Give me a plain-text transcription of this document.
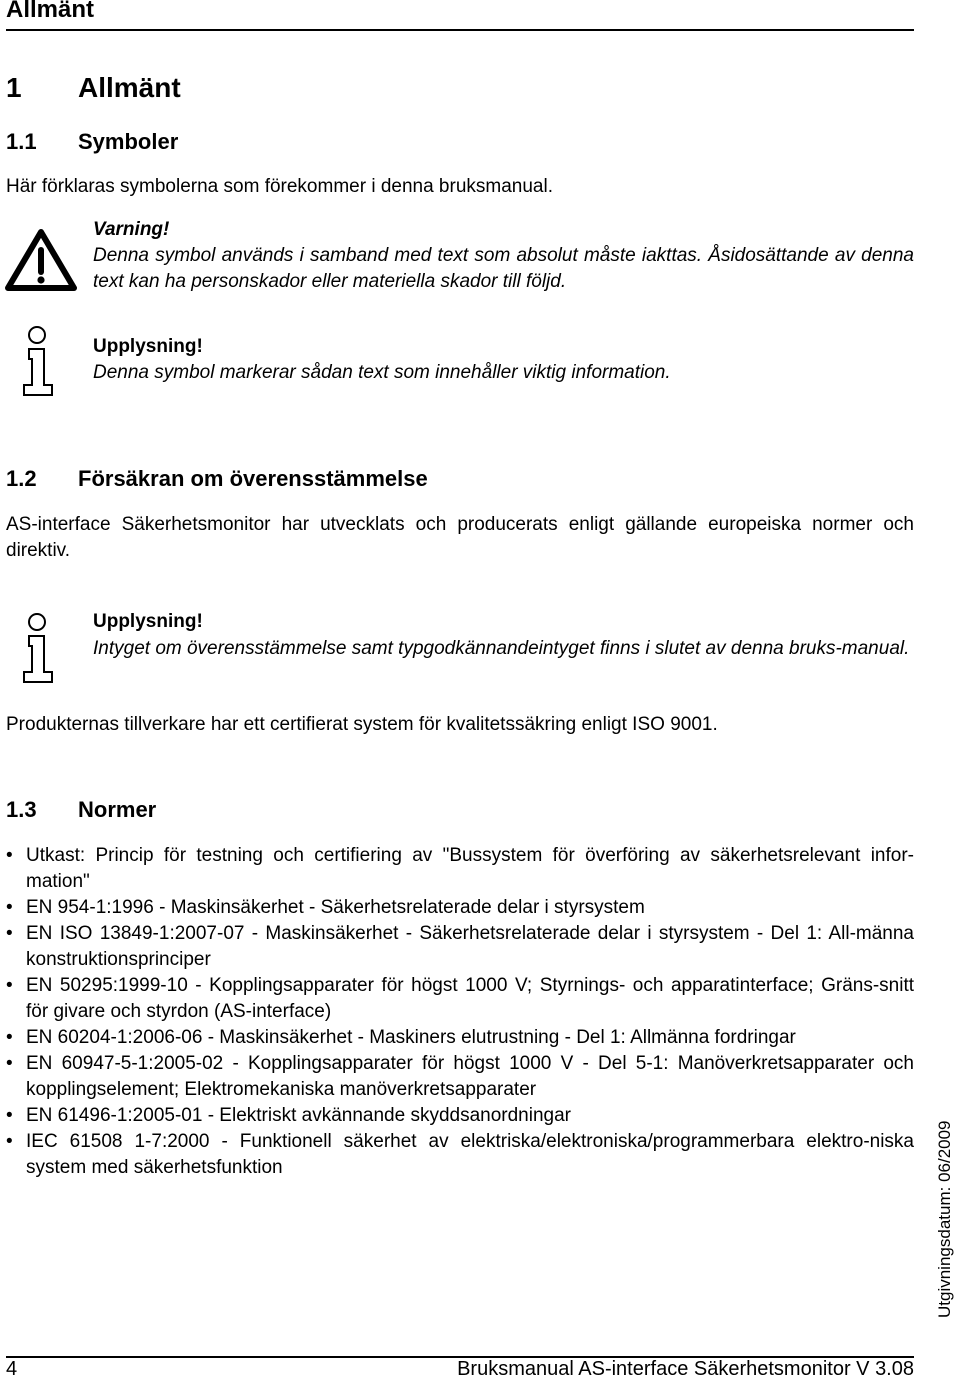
Allmänt
1 Allmänt
1.1 Symboler
Här förklaras symbolerna som förekommer i denna bruksmanual.
Varning!
Denna symbol används i samband med text som absolut måste iakttas. Åsidosättande av denna text kan ha personskador eller materiella skador till följd.
Upplysning!
Denna symbol markerar sådan text som innehåller viktig information.
1.2 Försäkran om överensstämmelse
AS-interface Säkerhetsmonitor har utvecklats och producerats enligt gällande europeiska normer och direktiv.
Upplysning!
Intyget om överensstämmelse samt typgodkännandeintyget finns i slutet av denna bruks-manual.
Produkternas tillverkare har ett certifierat system för kvalitetssäkring enligt ISO 9001.
1.3 Normer
• Utkast: Princip för testning och certifiering av "Bussystem för överföring av säkerhetsrelevant infor-mation"
• EN 954-1:1996 - Maskinsäkerhet - Säkerhetsrelaterade delar i styrsystem
• EN ISO 13849-1:2007-07 - Maskinsäkerhet - Säkerhetsrelaterade delar i styrsystem - Del 1: All-männa konstruktionsprinciper
• EN 50295:1999-10 - Kopplingsapparater för högst 1000 V; Styrnings- och apparatinterface; Gräns-snitt för givare och styrdon (AS-interface)
• EN 60204-1:2006-06 - Maskinsäkerhet - Maskiners elutrustning - Del 1: Allmänna fordringar
• EN 60947-5-1:2005-02 - Kopplingsapparater för högst 1000 V - Del 5-1: Manöverkretsapparater och kopplingselement; Elektromekaniska manöverkretsapparater
• EN 61496-1:2005-01 - Elektriskt avkännande skyddsanordningar
• IEC 61508 1-7:2000 - Funktionell säkerhet av elektriska/elektroniska/programmerbara elektro-niska system med säkerhetsfunktion	Utgivningsdatum: 06/2009
4	Bruksmanual AS-interface Säkerhetsmonitor V 3.08
